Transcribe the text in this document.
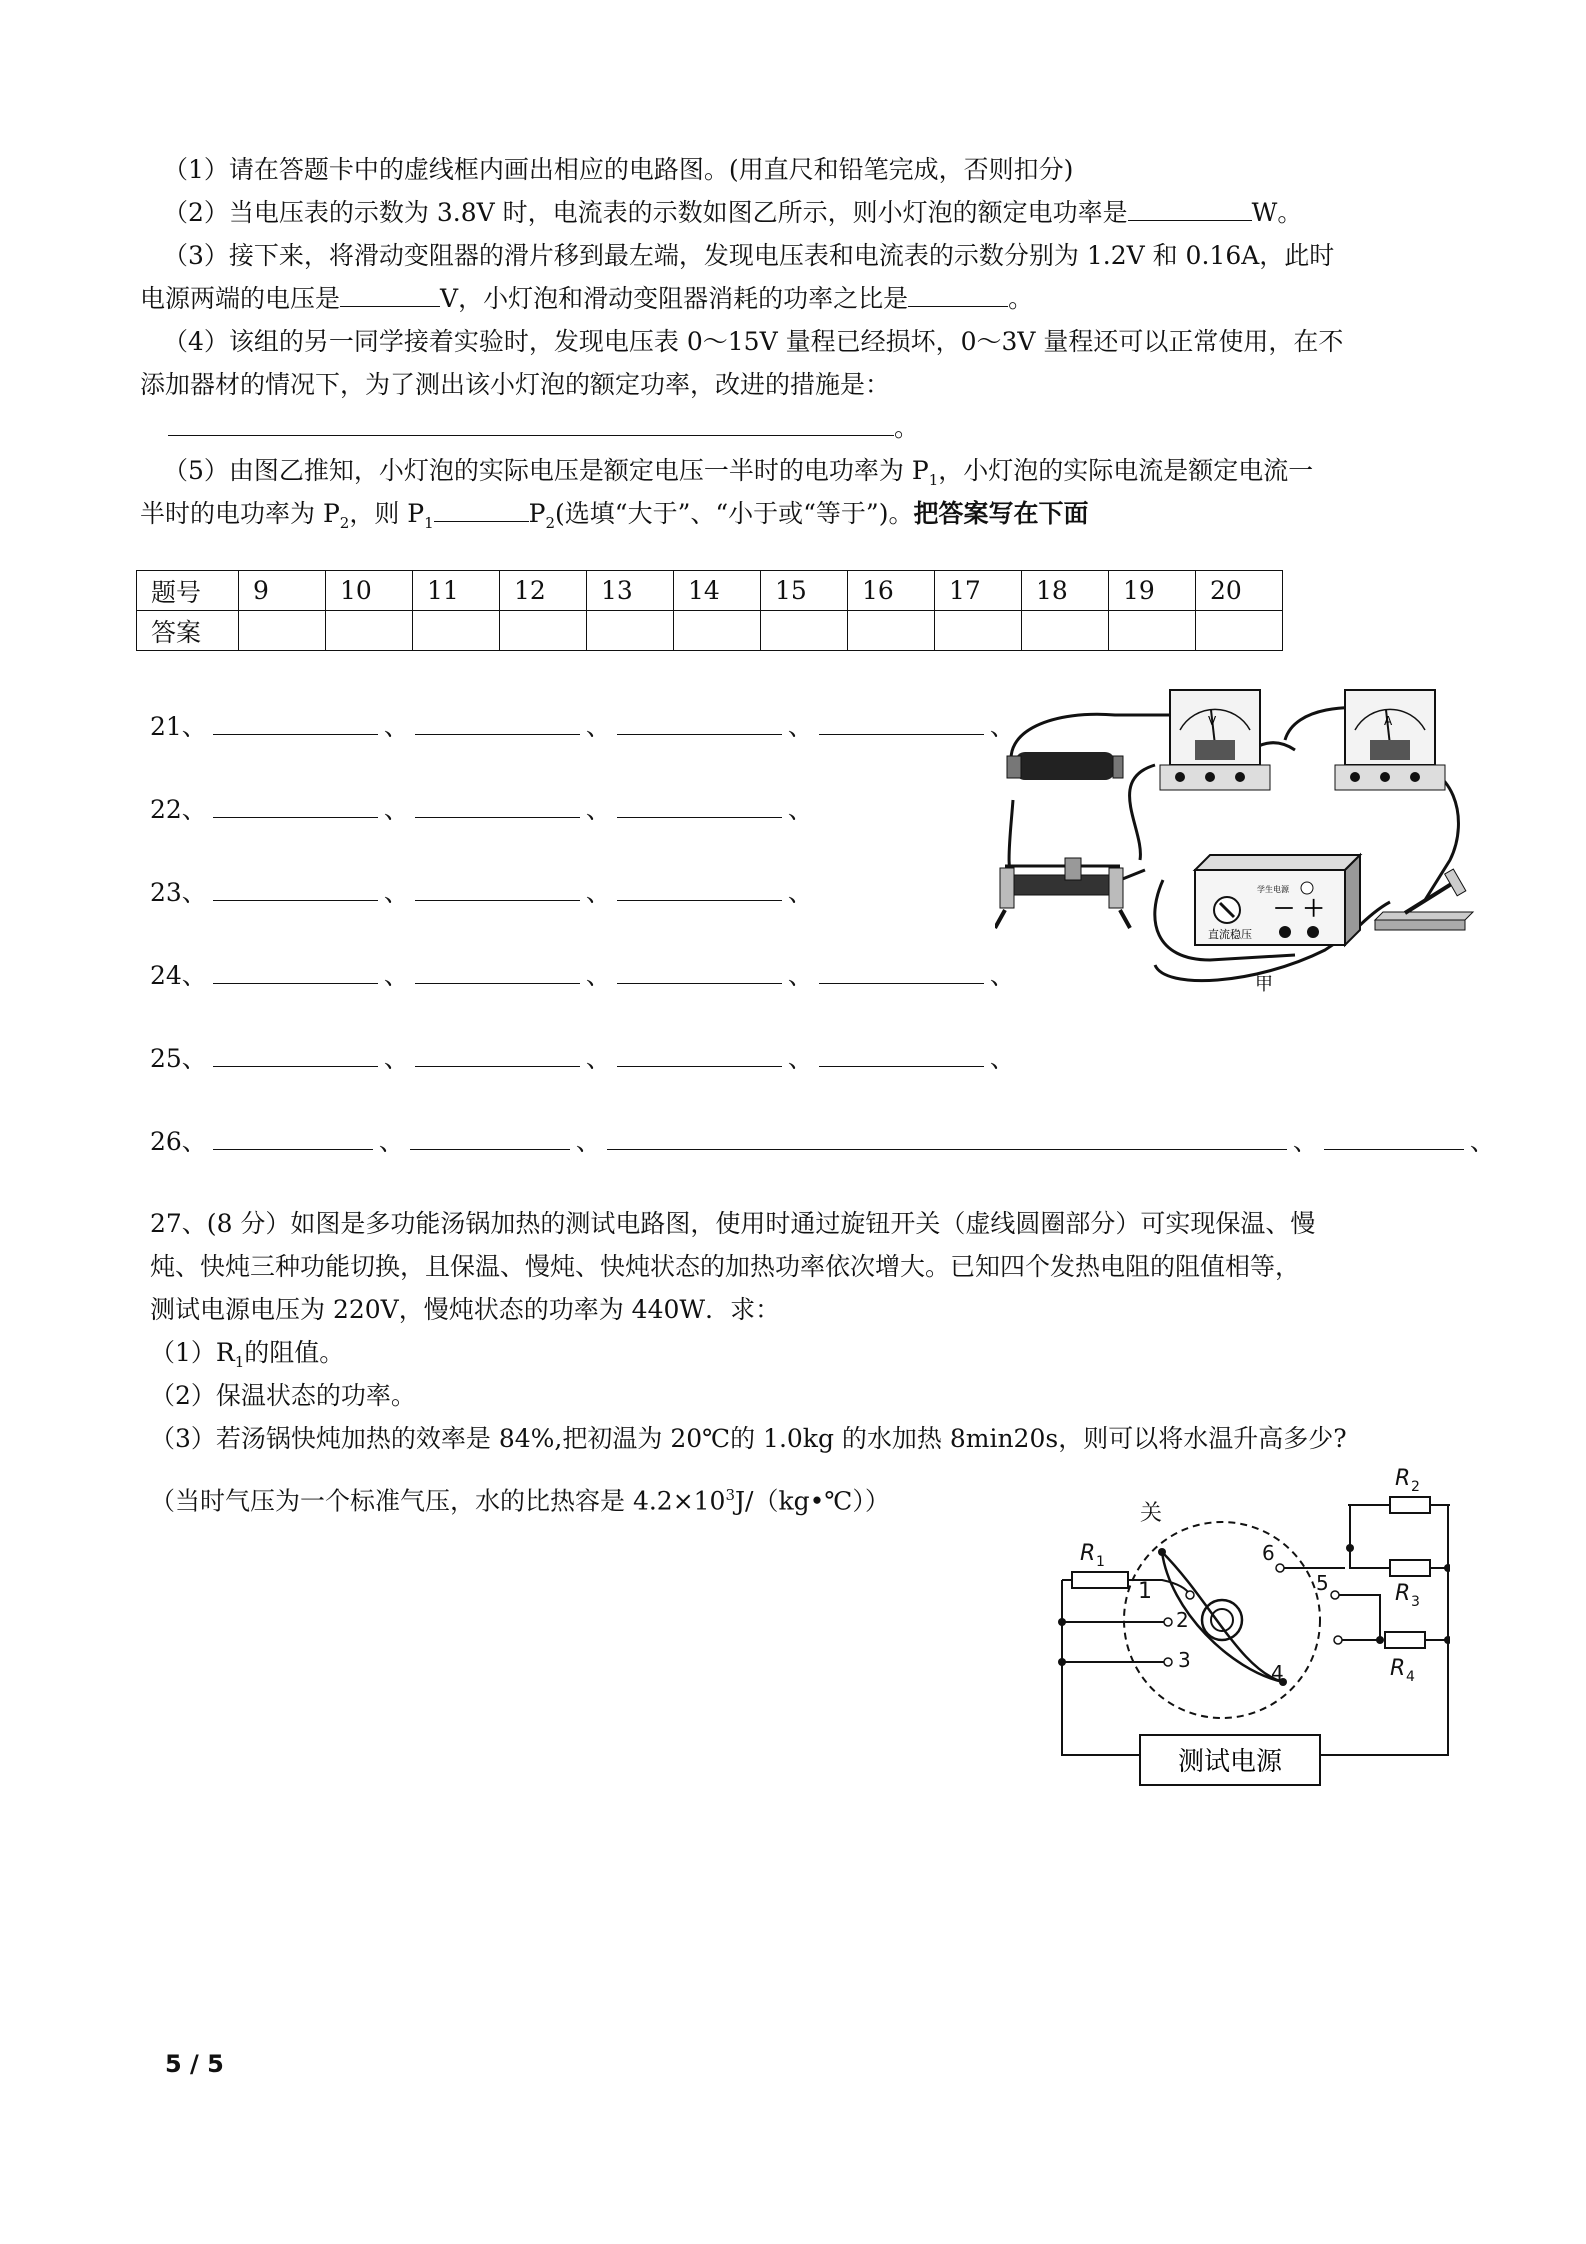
（1）请在答题卡中的虚线框内画出相应的电路图。(用直尺和铅笔完成，否则扣分)
（2）当电压表的示数为 3.8V 时，电流表的示数如图乙所示，则小灯泡的额定电功率是	W。
（3）接下来，将滑动变阻器的滑片移到最左端，发现电压表和电流表的示数分别为 1.2V 和 0.16A，此时
电源两端的电压是	V，小灯泡和滑动变阻器消耗的功率之比是	。
（4）该组的另一同学接着实验时，发现电压表 0～15V 量程已经损坏，0～3V 量程还可以正常使用，在不
添加器材的情况下，为了测出该小灯泡的额定功率，改进的措施是：
。
（5）由图乙推知，小灯泡的实际电压是额定电压一半时的电功率为 $P_1$，小灯泡的实际电流是额定电流一
半时的电功率为 $P_2$，则 $P_1$	$P_2$(选填“大于”、“小于或“等于”)。把答案写在下面
题号	9	10	11	12	13	14	15	16	17	18	19	20
答案												
21、	、	、	、	、
22、	、	、	、
23、	、	、	、
24、	、	、	、	、
25、	、	、	、	、
26、	、	、	、	、
V	A
学生电源
－ ＋
直流稳压
甲
27、(8 分）如图是多功能汤锅加热的测试电路图，使用时通过旋钮开关（虚线圆圈部分）可实现保温、慢
炖、快炖三种功能切换，且保温、慢炖、快炖状态的加热功率依次增大。已知四个发热电阻的阻值相等，
测试电源电压为 220V，慢炖状态的功率为 440W．求：
$(1)R_1$的阻值。
（2）保温状态的功率。
（3）若汤锅快炖加热的效率是 84%,把初温为 20℃的 1.0kg 的水加热 8min20s，则可以将水温升高多少?
（当时气压为一个标准气压，水的比热容是 $4.2\times 10^3J/(kg•℃)$）	关
R 1
R 2
R 3
R 4
1
2
3
4
5
6
测试电源
5 / 5
